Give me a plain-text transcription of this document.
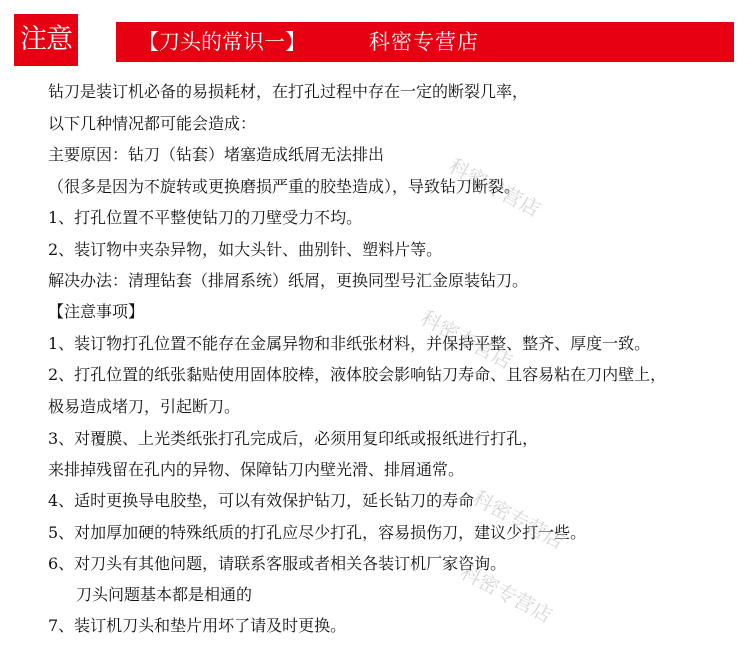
注意	【刀头的常识一】	科密专营店
科密专营店
科密专营店
科密专营店
科密专营店
钻刀是装订机必备的易损耗材，在打孔过程中存在一定的断裂几率，
以下几种情况都可能会造成：
主要原因：钻刀（钻套）堵塞造成纸屑无法排出
（很多是因为不旋转或更换磨损严重的胶垫造成），导致钻刀断裂。
1、打孔位置不平整使钻刀的刀壁受力不均。
2、装订物中夹杂异物，如大头针、曲别针、塑料片等。
解决办法：清理钻套（排屑系统）纸屑，更换同型号汇金原装钻刀。
【注意事项】
1、装订物打孔位置不能存在金属异物和非纸张材料，并保持平整、整齐、厚度一致。
2、打孔位置的纸张黏贴使用固体胶棒，液体胶会影响钻刀寿命、且容易粘在刀内壁上，
极易造成堵刀，引起断刀。
3、对覆膜、上光类纸张打孔完成后，必须用复印纸或报纸进行打孔，
来排掉残留在孔内的异物、保障钻刀内壁光滑、排屑通常。
4、适时更换导电胶垫，可以有效保护钻刀，延长钻刀的寿命
5、对加厚加硬的特殊纸质的打孔应尽少打孔，容易损伤刀，建议少打一些。
6、对刀头有其他问题，请联系客服或者相关各装订机厂家咨询。
刀头问题基本都是相通的
7、装订机刀头和垫片用坏了请及时更换。
